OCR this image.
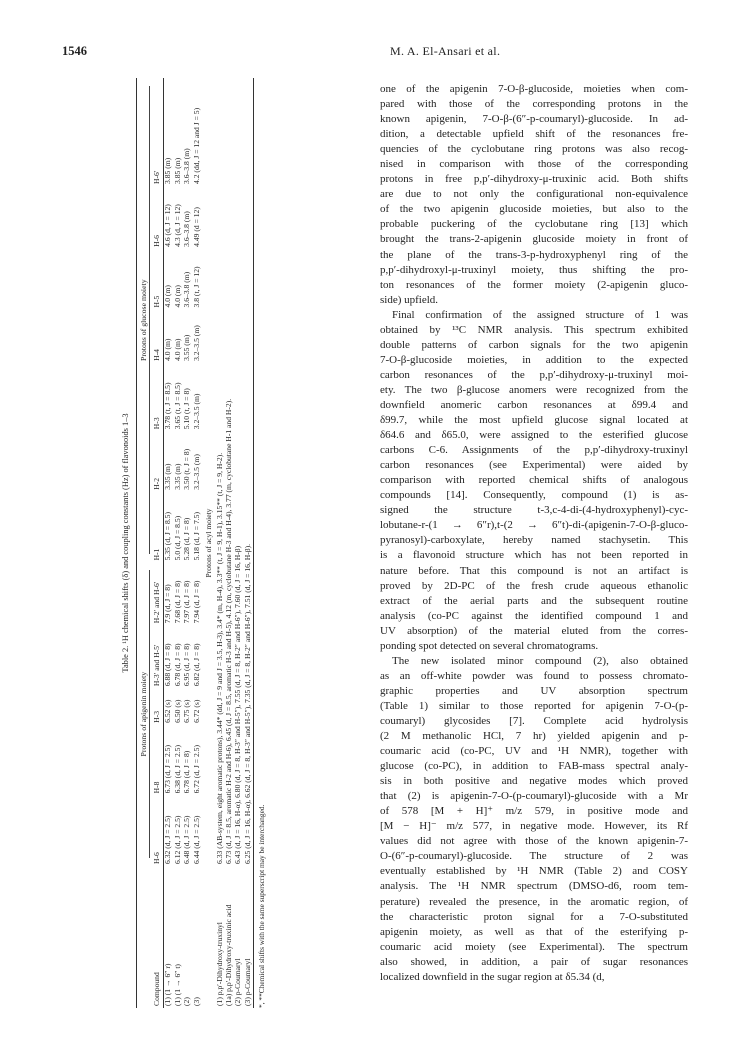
1546	M. A. El-Ansari et al.
Table 2. ¹H chemical shifts (δ) and coupling constants (Hz) of flavonoids 1–3

	Protons of apigenin moiety					Protons of glucose moiety						

Compound	H-6	H-8	H-3	H-3′ and H-5′	H-2′ and H-6′	H-1	H-2	H-3	H-4	H-5	H-6	H-6′

(1) (1 → 6″ r)	6.32 (d, J = 2.5)	6.73 (d, J = 2.5)	6.52 (s)	6.88 (d, J = 8)	7.9 (d, J = 8)	5.35 (d, J = 8.5)	3.35 (m)	3.78 (t, J = 8.5)	4.0 (m)	4.0 (m)	4.6 (d, J = 12)	3.85 (m)
(1) (1 → 6″ t)	6.12 (d, J = 2.5)	6.38 (d, J = 2.5)	6.50 (s)	6.78 (d, J = 8)	7.68 (d, J = 8)	5.0 (d, J = 8.5)	3.35 (m)	3.65 (t, J = 8.5)	4.0 (m)	4.0 (m)	4.3 (d, J = 12)	3.85 (m)
(2)	6.48 (d, J = 2.5)	6.78 (d, J = 8)	6.75 (s)	6.95 (d, J = 8)	7.97 (d, J = 8)	5.28 (d, J = 8)	3.50 (t, J = 8)	5.10 (t, J = 8)	3.55 (m)	3.6–3.8 (m)	3.6–3.8 (m)	3.6–3.8 (m)
(3)	6.44 (d, J = 2.5)	6.72 (d, J = 2.5)	6.72 (s)	6.82 (d, J = 8)	7.94 (d, J = 8)	5.18 (d, J = 7.5)	3.2–3.5 (m)	3.2–3.5 (m)	3.2–3.5 (m)	3.8 (t, J = 12)	4.49 (d = 12)	4.2 (dd, J = 12 and J = 5)
Protons of acyl moiety												
(1) p,p′-Dihydroxy-truxinyl	6.33 (AB-system, eight aromatic protons), 3.44* (dd, J = 9 and J = 3.5, H-3), 3.4* (m, H-4), 3.3** (t, J = 9, H-1), 3.15** (t, J = 9, H-2).											
(1a) p,p′-Dihydroxy-truxinic acid	6.73 (d, J = 8.5, aromatic H-2 and H-6), 6.45 (d, J = 8.5, aromatic H-3 and H-5), 4.12 (m, cyclobutane H-3 and H-4), 3.77 (m, cyclobutane H-1 and H-2).											
(2) p-Coumaryl	6.43 (d, J = 16, H-α), 6.80 (d, J = 8, H-3″ and H-5″), 7.55 (d, J = 8, H-2″ and H-6″), 7.60 (d, J = 16, H-β)											
(3) p-Coumaryl	6.25 (d, J = 16, H-α), 6.62 (d, J = 8, H-3″ and H-5″), 7.35 (d, J = 8, H-2″ and H-6″), 7.51 (d, J = 16, H-β).											

*, **Chemical shifts with the same superscript may be interchanged.
one of the apigenin 7-O-β-glucoside, moieties when com-
pared with those of the corresponding protons in the
known apigenin, 7-O-β-(6″-p-coumaryl)-glucoside. In ad-
dition, a detectable upfield shift of the resonances fre-
quencies of the cyclobutane ring protons was also recog-
nised in comparison with those of the corresponding
protons in free p,p′-dihydroxy-μ-truxinic acid. Both shifts
are due to not only the configurational non-equivalence
of the two apigenin glucoside moieties, but also to the
probable puckering of the cyclobutane ring [13] which
brought the trans-2-apigenin glucoside moiety in front of
the plane of the trans-3-p-hydroxyphenyl ring of the
p,p′-dihydroxyl-μ-truxinyl moiety, thus shifting the pro-
ton resonances of the former moiety (2-apigenin gluco-
side) upfield.
Final confirmation of the assigned structure of 1 was
obtained by ¹³C NMR analysis. This spectrum exhibited
double patterns of carbon signals for the two apigenin
7-O-β-glucoside moieties, in addition to the expected
carbon resonances of the p,p′-dihydroxy-μ-truxinyl moi-
ety. The two β-glucose anomers were recognized from the
downfield anomeric carbon resonances at δ99.4 and
δ99.7, while the most upfield glucose signal located at
δ64.6 and δ65.0, were assigned to the esterified glucose
carbons C-6. Assignments of the p,p′-dihydroxy-truxinyl
carbon resonances (see Experimental) were aided by
comparison with reported chemical shifts of analogous
compounds [14]. Consequently, compound (1) is as-
signed the structure t-3,c-4-di-(4-hydroxyphenyl)-cyc-
lobutane-r-(1 → 6″r),t-(2 → 6″t)-di-(apigenin-7-O-β-gluco-
pyranosyl)-carboxylate, hereby named stachysetin. This
is a flavonoid structure which has not been reported in
nature before. That this compound is not an artifact is
proved by 2D-PC of the fresh crude aqueous ethanolic
extract of the aerial parts and the subsequent routine
analysis (co-PC against the identified compound 1 and
UV absorption) of the material eluted from the corres-
ponding spot detected on several chromatograms.
The new isolated minor compound (2), also obtained
as an off-white powder was found to possess chromato-
graphic properties and UV absorption spectrum
(Table 1) similar to those reported for apigenin 7-O-(p-
coumaryl) glycosides [7]. Complete acid hydrolysis
(2 M methanolic HCl, 7 hr) yielded apigenin and p-
coumaric acid (co-PC, UV and ¹H NMR), together with
glucose (co-PC), in addition to FAB-mass spectral analy-
sis in both positive and negative modes which proved
that (2) is apigenin-7-O-(p-coumaryl)-glucoside with a Mr
of 578 [M + H]⁺ m/z 579, in positive mode and
[M − H]⁻ m/z 577, in negative mode. However, its Rf
values did not agree with those of the known apigenin-7-
O-(6″-p-coumaryl)-glucoside. The structure of 2 was
eventually established by ¹H NMR (Table 2) and COSY
analysis. The ¹H NMR spectrum (DMSO-d6, room tem-
perature) revealed the presence, in the aromatic region, of
the characteristic proton signal for a 7-O-substituted
apigenin moiety, as well as that of the esterifying p-
coumaric acid moiety (see Experimental). The spectrum
also showed, in addition, a pair of sugar resonances
localized downfield in the sugar region at δ5.34 (d,
